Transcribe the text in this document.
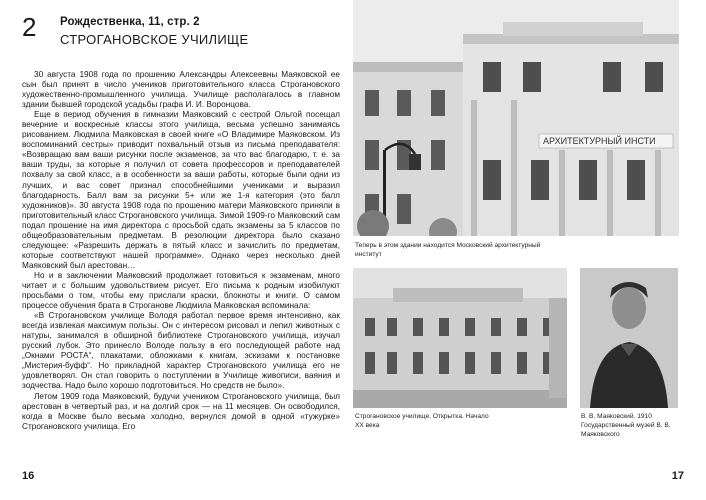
2 Рождественка, 11, стр. 2
СТРОГАНОВСКОЕ УЧИЛИЩЕ

30 августа 1908 года по прошению Александры Алексеевны Маяковской ее сын был принят в число учеников приготовительного класса Строгановского художественно-промышленного училища. Училище располагалось в главном здании бывшей городской усадьбы графа И. И. Воронцова.

Еще в период обучения в гимназии Маяковский с сестрой Ольгой посещал вечерние и воскресные классы этого училища, весьма успешно занимаясь рисованием. Людмила Маяковская в своей книге «О Владимире Маяковском. Из воспоминаний сестры» приводит похвальный отзыв из письма преподавателя: «Возвращаю вам ваши рисунки после экзаменов, за что вас благодарю, т. е. за ваши труды, за которые я получил от совета профессоров и преподавателей похвалу за свой класс, а в особенности за ваши работы, которые были одни из лучших, и вас совет признал способнейшими учениками и выразил благодарность. Балл вам за рисунки 5+ или же 1-я категория (это балл художников)». 30 августа 1908 года по прошению матери Маяковского приняли в приготовительный класс Строгановского училища. Зимой 1909-го Маяковский сам подал прошение на имя директора с просьбой сдать экзамены за 5 классов по общеобразовательным предметам. В резолюции директора было сказано следующее: «Разрешить держать в пятый класс и зачислить по предметам, которые соответствуют нашей программе». Однако через несколько дней Маяковский был арестован…

Но и в заключении Маяковский продолжает готовиться к экзаменам, много читает и с большим удовольствием рисует. Его письма к родным изобилуют просьбами о том, чтобы ему прислали краски, блокноты и книги. О самом процессе обучения брата в Строганове Людмила Маяковская вспоминала:

«В Строгановском училище Володя работал первое время интенсивно, как всегда извлекая максимум пользы. Он с интересом рисовал и лепил животных с натуры, занимался в обширной библиотеке Строгановского училища, изучал русский лубок. Это принесло Володе пользу в его последующей работе над „Окнами РОСТА“, плакатами, обложками к книгам, эскизами к постановке „Мистерия-буфф“. Но прикладной характер Строгановского училища его не удовлетворял. Он стал говорить о поступлении в Училище живописи, ваяния и зодчества. Надо было хорошо подготовиться. Но средств не было».

Летом 1909 года Маяковский, будучи учеником Строгановского училища, был арестован в четвертый раз, и на долгий срок — на 11 месяцев. Он освободился, когда в Москве было весьма холодно, вернулся домой в одной «тужурке» Строгановского училища. Его

16
АРХИТЕКТУРНЫЙ ИНСТИ
Теперь в этом здании находится Московский архитектурный институт
Строгановское училище. Открытка. Начало XX века
В. В. Маяковский. 1910 Государственный музей В. В. Маяковского
17
